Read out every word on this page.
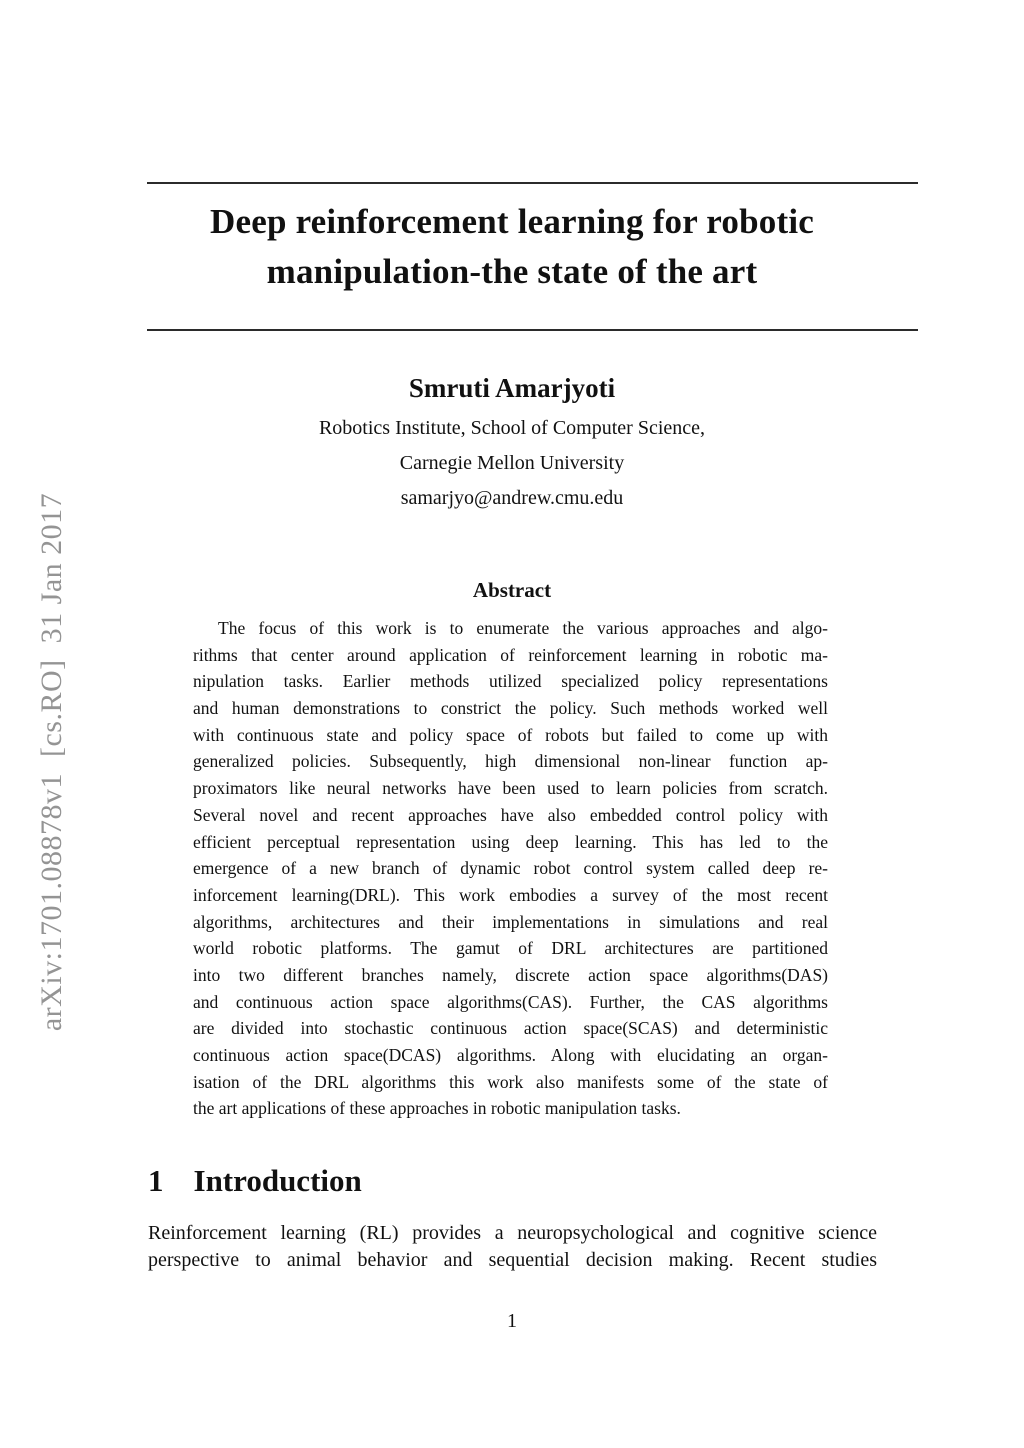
arXiv:1701.08878v1  [cs.RO]  31 Jan 2017
Deep reinforcement learning for robotic
manipulation-the state of the art
Smruti Amarjyoti
Robotics Institute, School of Computer Science,
Carnegie Mellon University
samarjyo@andrew.cmu.edu
Abstract
The focus of this work is to enumerate the various approaches and algo-
rithms that center around application of reinforcement learning in robotic ma-
nipulation tasks. Earlier methods utilized specialized policy representations
and human demonstrations to constrict the policy. Such methods worked well
with continuous state and policy space of robots but failed to come up with
generalized policies. Subsequently, high dimensional non-linear function ap-
proximators like neural networks have been used to learn policies from scratch.
Several novel and recent approaches have also embedded control policy with
efficient perceptual representation using deep learning. This has led to the
emergence of a new branch of dynamic robot control system called deep re-
inforcement learning(DRL). This work embodies a survey of the most recent
algorithms, architectures and their implementations in simulations and real
world robotic platforms. The gamut of DRL architectures are partitioned
into two different branches namely, discrete action space algorithms(DAS)
and continuous action space algorithms(CAS). Further, the CAS algorithms
are divided into stochastic continuous action space(SCAS) and deterministic
continuous action space(DCAS) algorithms. Along with elucidating an organ-
isation of the DRL algorithms this work also manifests some of the state of
the art applications of these approaches in robotic manipulation tasks.
1 Introduction
Reinforcement learning (RL) provides a neuropsychological and cognitive science
perspective to animal behavior and sequential decision making. Recent studies
1
